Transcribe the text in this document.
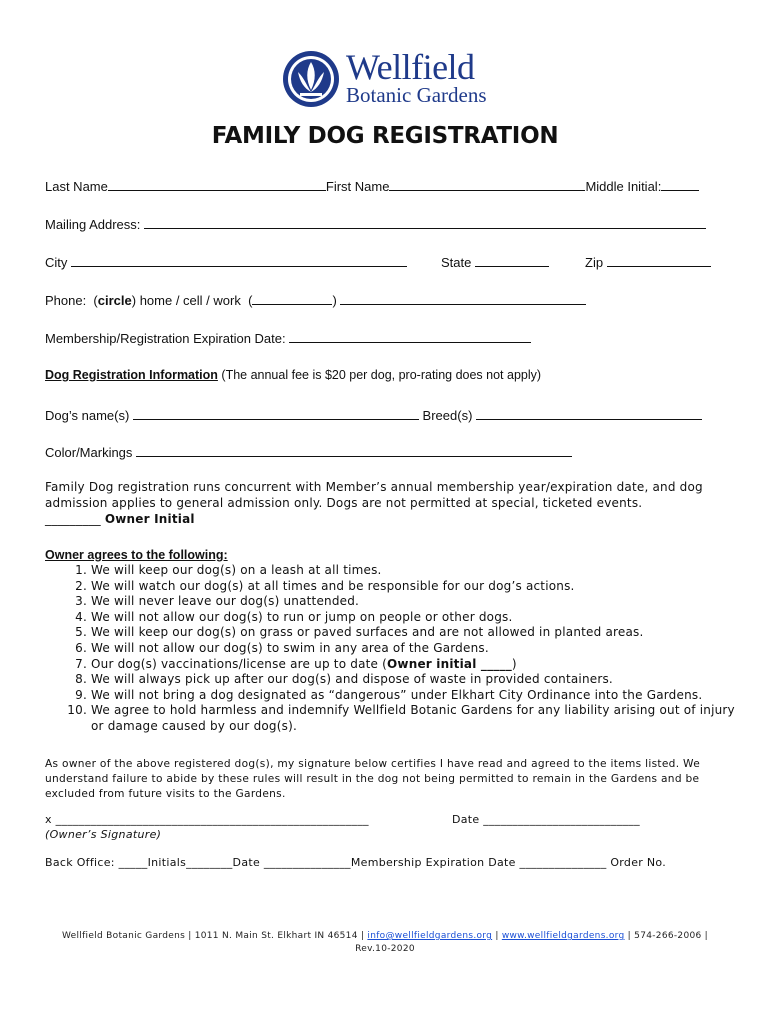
Wellfield
Botanic Gardens
FAMILY DOG REGISTRATION
Last Name	First Name	Middle Initial:
Mailing Address:
City	State	Zip
Phone:  (circle) home / cell / work (	)
Membership/Registration Expiration Date:
Dog Registration Information (The annual fee is $20 per dog, pro-rating does not apply)
Dog’s name(s)	Breed(s)
Color/Markings
Family Dog registration runs concurrent with Member’s annual membership year/expiration date, and dog admission applies to general admission only. Dogs are not permitted at special, ticketed events.
_________ Owner Initial
Owner agrees to the following:
1. We will keep our dog(s) on a leash at all times.
2. We will watch our dog(s) at all times and be responsible for our dog’s actions.
3. We will never leave our dog(s) unattended.
4. We will not allow our dog(s) to run or jump on people or other dogs.
5. We will keep our dog(s) on grass or paved surfaces and are not allowed in planted areas.
6. We will not allow our dog(s) to swim in any area of the Gardens.
7. Our dog(s) vaccinations/license are up to date (Owner initial _____)
8. We will always pick up after our dog(s) and dispose of waste in provided containers.
9. We will not bring a dog designated as “dangerous” under Elkhart City Ordinance into the Gardens.
10. We agree to hold harmless and indemnify Wellfield Botanic Gardens for any liability arising out of injury or damage caused by our dog(s).
As owner of the above registered dog(s), my signature below certifies I have read and agreed to the items listed. We understand failure to abide by these rules will result in the dog not being permitted to remain in the Gardens and be excluded from future visits to the Gardens.
x ______________________________________________________	Date ___________________________
(Owner’s Signature)
Back Office: _____Initials________Date _______________Membership Expiration Date _______________ Order No.
Wellfield Botanic Gardens | 1011 N. Main St. Elkhart IN 46514 | info@wellfieldgardens.org | www.wellfieldgardens.org | 574-266-2006 |
Rev.10-2020
